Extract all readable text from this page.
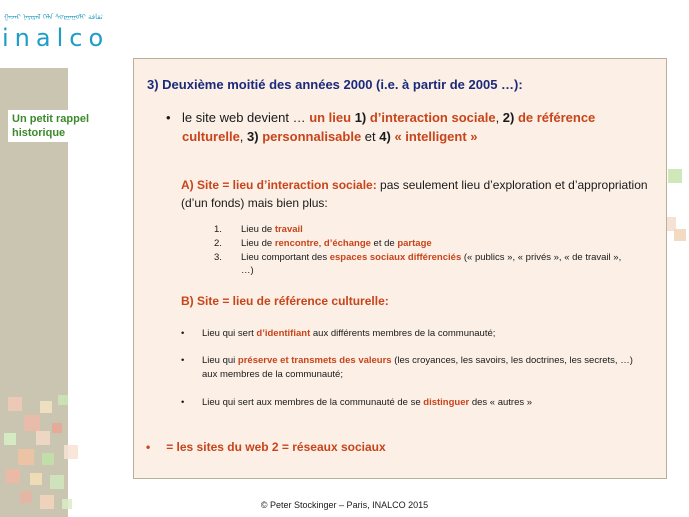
ᠭᠠᠵᠠᠷ ᠨᠠᠶᠢᠷᠠᠯ ᠬᠡᠯᠡ ᠰᠤᠷᠭᠠᠭᠤᠯᠢ ثقافة
inalco
Un petit rappel historique
3) Deuxième moitié des années 2000 (i.e. à partir de 2005 …):
• le site web devient … un lieu 1) d’interaction sociale, 2) de référence culturelle, 3) personnalisable et 4) « intelligent »
A) Site = lieu d’interaction sociale: pas seulement lieu d’exploration et d’appropriation (d’un fonds) mais bien plus:
1. Lieu de travail
2. Lieu de rencontre, d’échange et de partage
3. Lieu comportant des espaces sociaux différenciés (« publics », « privés », « de travail », …)
B) Site = lieu de référence culturelle:
• Lieu qui sert d’identifiant aux différents membres de la communauté;
• Lieu qui préserve et transmets des valeurs (les croyances, les savoirs, les doctrines, les secrets, …) aux membres de la communauté;
• Lieu qui sert aux membres de la communauté de se distinguer des « autres »
• = les sites du web 2 = réseaux sociaux
© Peter Stockinger – Paris, INALCO 2015
